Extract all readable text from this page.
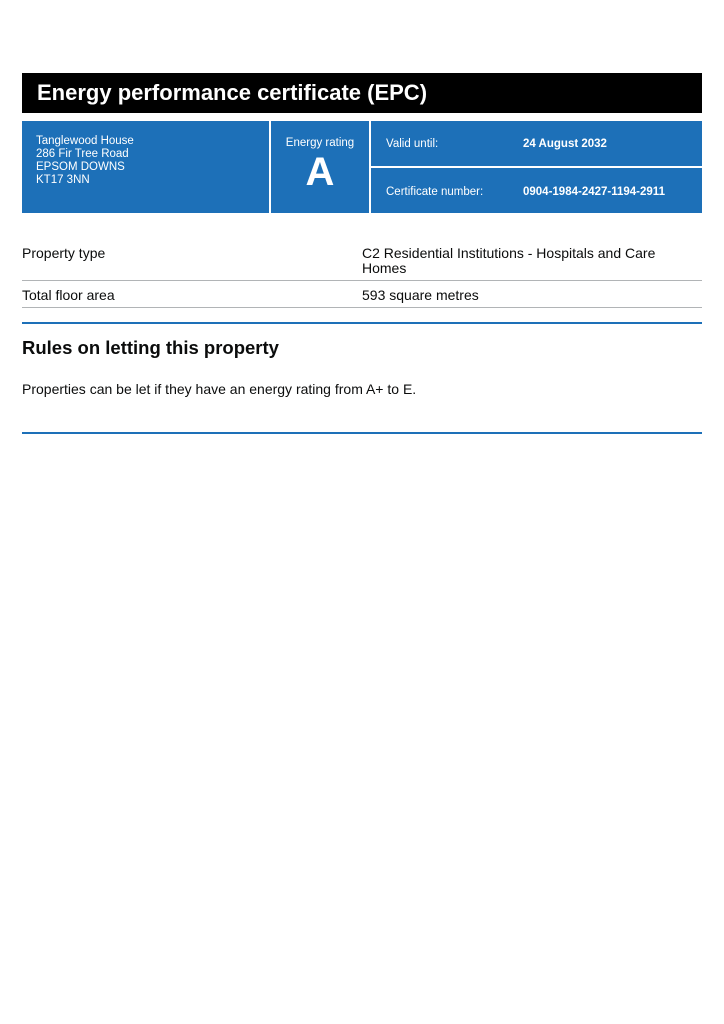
Energy performance certificate (EPC)
Tanglewood House
286 Fir Tree Road
EPSOM DOWNS
KT17 3NN
Energy rating
A
Valid until:	24 August 2032
Certificate number:	0904-1984-2427-1194-2911
Property type	C2 Residential Institutions - Hospitals and Care Homes
Total floor area	593 square metres
Rules on letting this property
Properties can be let if they have an energy rating from A+ to E.
